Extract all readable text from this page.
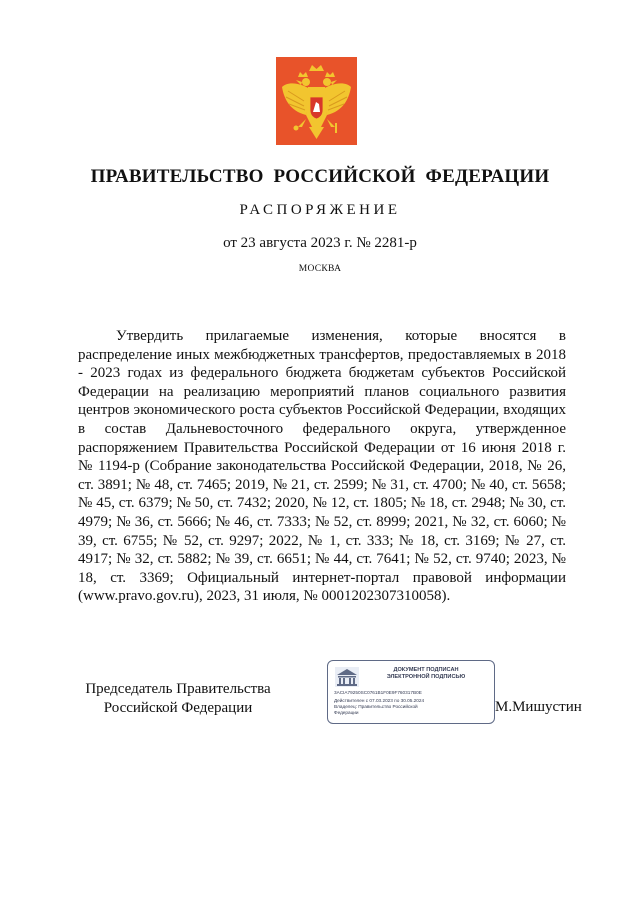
ПРАВИТЕЛЬСТВО РОССИЙСКОЙ ФЕДЕРАЦИИ
РАСПОРЯЖЕНИЕ
от 23 августа 2023 г. № 2281-р
МОСКВА
Утвердить прилагаемые изменения, которые вносятся в распределение иных межбюджетных трансфертов, предоставляемых в 2018 - 2023 годах из федерального бюджета бюджетам субъектов Российской Федерации на реализацию мероприятий планов социального развития центров экономического роста субъектов Российской Федерации, входящих в состав Дальневосточного федерального округа, утвержденное распоряжением Правительства Российской Федерации от 16 июня 2018 г. № 1194-р (Собрание законодательства Российской Федерации, 2018, № 26, ст. 3891; № 48, ст. 7465; 2019, № 21, ст. 2599; № 31, ст. 4700; № 40, ст. 5658; № 45, ст. 6379; № 50, ст. 7432; 2020, № 12, ст. 1805; № 18, ст. 2948; № 30, ст. 4979; № 36, ст. 5666; № 46, ст. 7333; № 52, ст. 8999; 2021, № 32, ст. 6060; № 39, ст. 6755; № 52, ст. 9297; 2022, № 1, ст. 333; № 18, ст. 3169; № 27, ст. 4917; № 32, ст. 5882; № 39, ст. 6651; № 44, ст. 7641; № 52, ст. 9740; 2023, № 18, ст. 3369; Официальный интернет-портал правовой информации (www.pravo.gov.ru), 2023, 31 июля, № 0001202307310058).
Председатель Правительства
Российской Федерации
ДОКУМЕНТ ПОДПИСАН
ЭЛЕКТРОННОЙ ПОДПИСЬЮ
3ACIA79250SC0761B1F0E9F760317B0E
Действителен с 07.03.2023 по 30.05.2024
Владелец: Правительство Российской
Федерации	М.Мишустин
